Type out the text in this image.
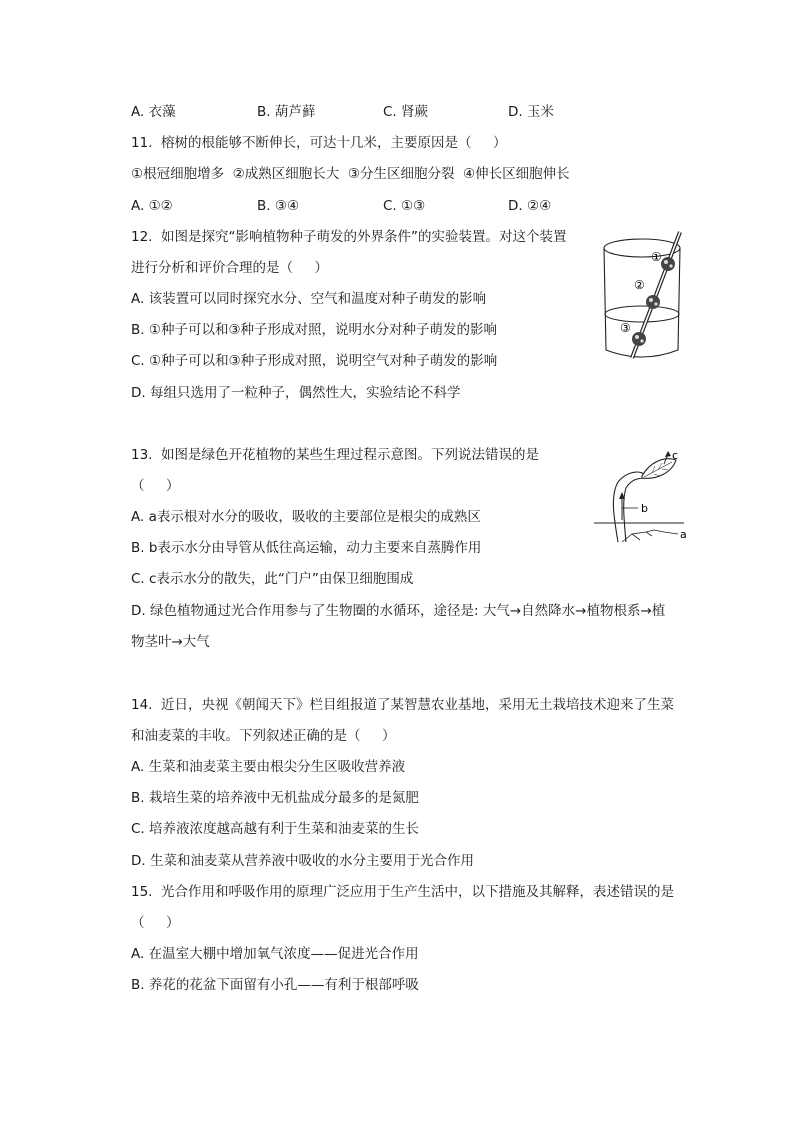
A. 衣藻	B. 葫芦藓	C. 肾蕨	D. 玉米
11.  榕树的根能够不断伸长，可达十几米，主要原因是（     ）
①根冠细胞增多  ②成熟区细胞长大  ③分生区细胞分裂  ④伸长区细胞伸长
A. ①②	B. ③④	C. ①③	D. ②④
12.  如图是探究“影响植物种子萌发的外界条件”的实验装置。对这个装置
进行分析和评价合理的是（     ）
A. 该装置可以同时探究水分、空气和温度对种子萌发的影响
B. ①种子可以和③种子形成对照，说明水分对种子萌发的影响
C. ①种子可以和③种子形成对照，说明空气对种子萌发的影响
D. 每组只选用了一粒种子，偶然性大，实验结论不科学
①
②
③
13.  如图是绿色开花植物的某些生理过程示意图。下列说法错误的是
（     ）
A. a表示根对水分的吸收，吸收的主要部位是根尖的成熟区
B. b表示水分由导管从低往高运输，动力主要来自蒸腾作用
C. c表示水分的散失，此“门户”由保卫细胞围成
D. 绿色植物通过光合作用参与了生物圈的水循环，途径是: 大气→自然降水→植物根系→植
物茎叶→大气
c
b
a
14.  近日，央视《朝闻天下》栏目组报道了某智慧农业基地，采用无土栽培技术迎来了生菜
和油麦菜的丰收。下列叙述正确的是（     ）
A. 生菜和油麦菜主要由根尖分生区吸收营养液
B. 栽培生菜的培养液中无机盐成分最多的是氮肥
C. 培养液浓度越高越有利于生菜和油麦菜的生长
D. 生菜和油麦菜从营养液中吸收的水分主要用于光合作用
15.  光合作用和呼吸作用的原理广泛应用于生产生活中，以下措施及其解释，表述错误的是
（     ）
A. 在温室大棚中增加氧气浓度——促进光合作用
B. 养花的花盆下面留有小孔——有利于根部呼吸
